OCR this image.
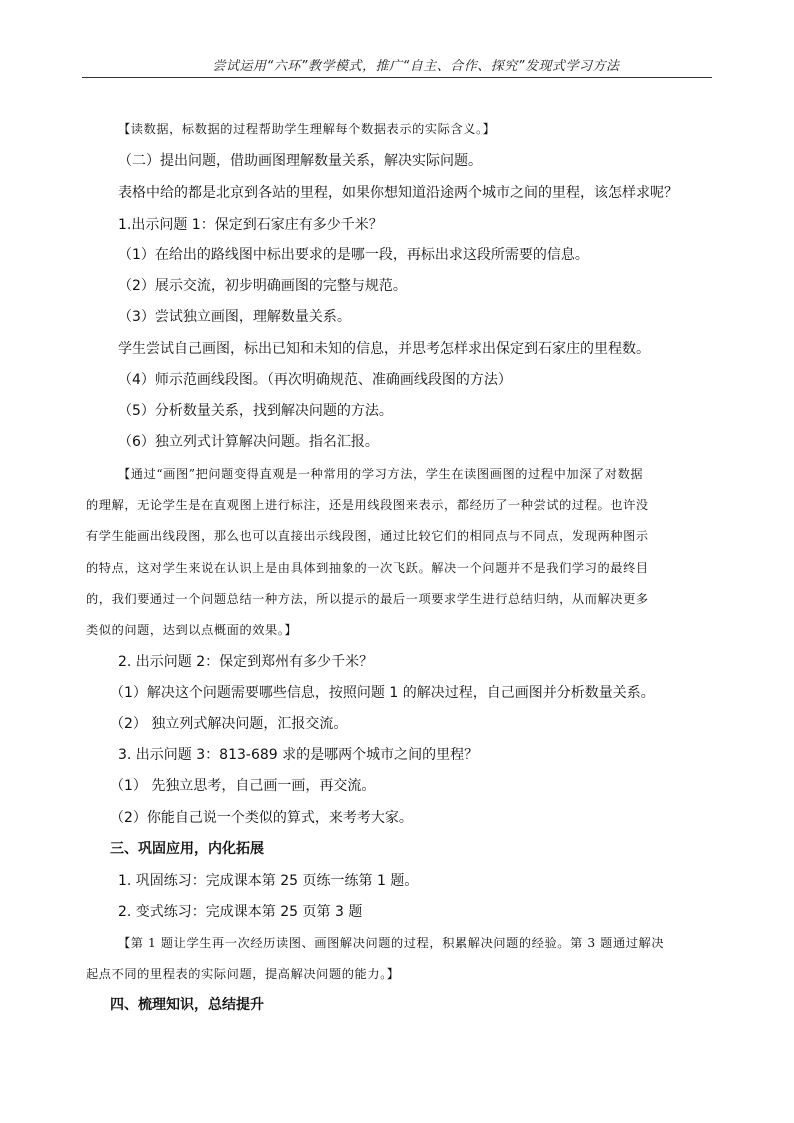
尝试运用“六环”教学模式，推广“自主、合作、探究”发现式学习方法
【读数据，标数据的过程帮助学生理解每个数据表示的实际含义。】
（二）提出问题，借助画图理解数量关系，解决实际问题。
表格中给的都是北京到各站的里程，如果你想知道沿途两个城市之间的里程，该怎样求呢？
1.出示问题 1：保定到石家庄有多少千米？
（1）在给出的路线图中标出要求的是哪一段，再标出求这段所需要的信息。
（2）展示交流，初步明确画图的完整与规范。
（3）尝试独立画图，理解数量关系。
学生尝试自己画图，标出已知和未知的信息，并思考怎样求出保定到石家庄的里程数。
（4）师示范画线段图。（再次明确规范、准确画线段图的方法）
（5）分析数量关系，找到解决问题的方法。
（6）独立列式计算解决问题。指名汇报。
【通过“画图”把问题变得直观是一种常用的学习方法，学生在读图画图的过程中加深了对数据
的理解，无论学生是在直观图上进行标注，还是用线段图来表示，都经历了一种尝试的过程。也许没
有学生能画出线段图，那么也可以直接出示线段图，通过比较它们的相同点与不同点，发现两种图示
的特点，这对学生来说在认识上是由具体到抽象的一次飞跃。解决一个问题并不是我们学习的最终目
的，我们要通过一个问题总结一种方法，所以提示的最后一项要求学生进行总结归纳，从而解决更多
类似的问题，达到以点概面的效果。】
2. 出示问题 2：保定到郑州有多少千米？
（1）解决这个问题需要哪些信息，按照问题 1 的解决过程，自己画图并分析数量关系。
（2） 独立列式解决问题，汇报交流。
3. 出示问题 3：813-689 求的是哪两个城市之间的里程？
（1） 先独立思考，自己画一画，再交流。
（2）你能自己说一个类似的算式，来考考大家。
三、巩固应用，内化拓展
1. 巩固练习：完成课本第 25 页练一练第 1 题。
2. 变式练习：完成课本第 25 页第 3 题
【第 1 题让学生再一次经历读图、画图解决问题的过程，积累解决问题的经验。第 3 题通过解决
起点不同的里程表的实际问题，提高解决问题的能力。】
四、梳理知识，总结提升
